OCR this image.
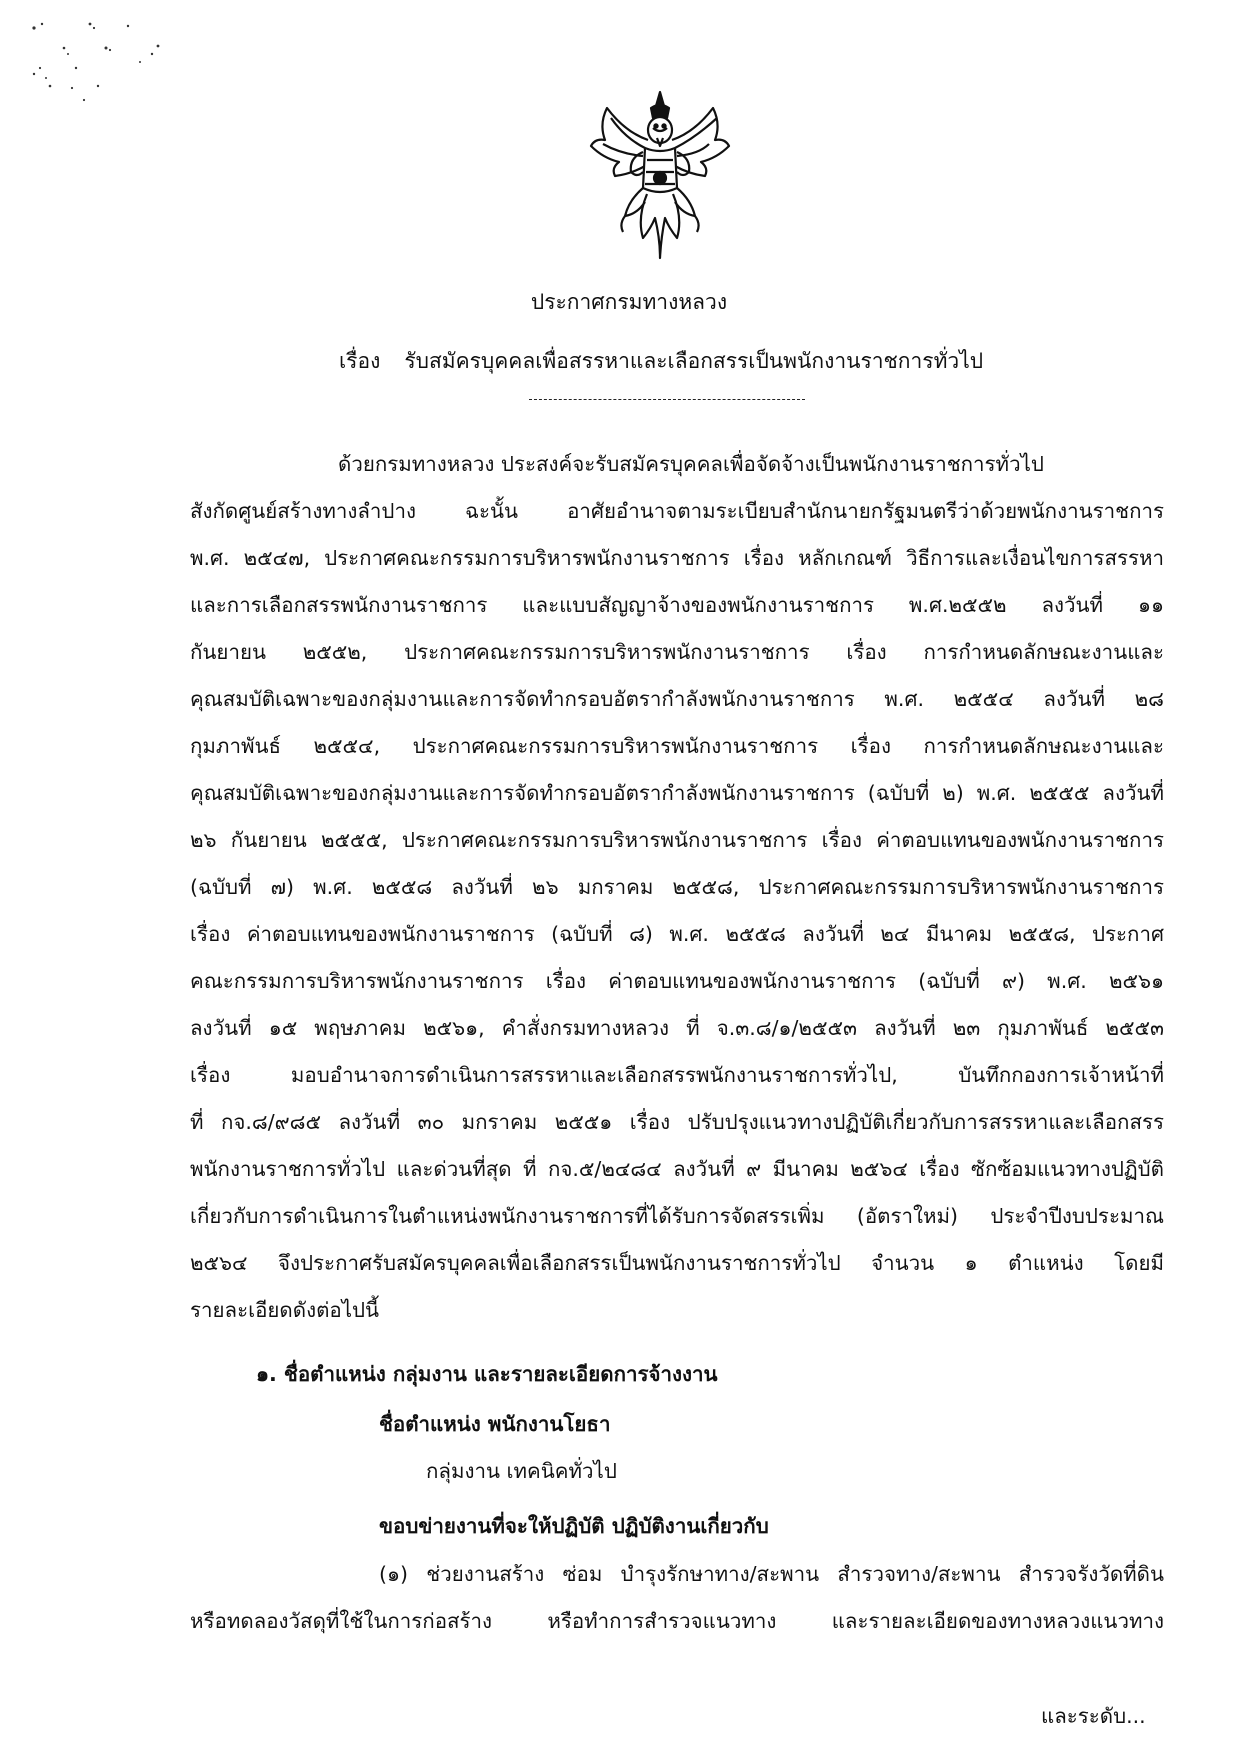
ประกาศกรมทางหลวง
เรื่อง รับสมัครบุคคลเพื่อสรรหาและเลือกสรรเป็นพนักงานราชการทั่วไป
ด้วยกรมทางหลวง ประสงค์จะรับสมัครบุคคลเพื่อจัดจ้างเป็นพนักงานราชการทั่วไป
สังกัดศูนย์สร้างทางลำปาง ฉะนั้น อาศัยอำนาจตามระเบียบสำนักนายกรัฐมนตรีว่าด้วยพนักงานราชการ
พ.ศ. ๒๕๔๗, ประกาศคณะกรรมการบริหารพนักงานราชการ เรื่อง หลักเกณฑ์ วิธีการและเงื่อนไขการสรรหา
และการเลือกสรรพนักงานราชการ และแบบสัญญาจ้างของพนักงานราชการ พ.ศ.๒๕๕๒ ลงวันที่ ๑๑
กันยายน ๒๕๕๒, ประกาศคณะกรรมการบริหารพนักงานราชการ เรื่อง การกำหนดลักษณะงานและ
คุณสมบัติเฉพาะของกลุ่มงานและการจัดทำกรอบอัตรากำลังพนักงานราชการ พ.ศ. ๒๕๕๔ ลงวันที่ ๒๘
กุมภาพันธ์ ๒๕๕๔, ประกาศคณะกรรมการบริหารพนักงานราชการ เรื่อง การกำหนดลักษณะงานและ
คุณสมบัติเฉพาะของกลุ่มงานและการจัดทำกรอบอัตรากำลังพนักงานราชการ (ฉบับที่ ๒) พ.ศ. ๒๕๕๕ ลงวันที่
๒๖ กันยายน ๒๕๕๕, ประกาศคณะกรรมการบริหารพนักงานราชการ เรื่อง ค่าตอบแทนของพนักงานราชการ
(ฉบับที่ ๗) พ.ศ. ๒๕๕๘ ลงวันที่ ๒๖ มกราคม ๒๕๕๘, ประกาศคณะกรรมการบริหารพนักงานราชการ
เรื่อง ค่าตอบแทนของพนักงานราชการ (ฉบับที่ ๘) พ.ศ. ๒๕๕๘ ลงวันที่ ๒๔ มีนาคม ๒๕๕๘, ประกาศ
คณะกรรมการบริหารพนักงานราชการ เรื่อง ค่าตอบแทนของพนักงานราชการ (ฉบับที่ ๙) พ.ศ. ๒๕๖๑
ลงวันที่ ๑๕ พฤษภาคม ๒๕๖๑, คำสั่งกรมทางหลวง ที่ จ.๓.๘/๑/๒๕๕๓ ลงวันที่ ๒๓ กุมภาพันธ์ ๒๕๕๓
เรื่อง มอบอำนาจการดำเนินการสรรหาและเลือกสรรพนักงานราชการทั่วไป, บันทึกกองการเจ้าหน้าที่
ที่ กจ.๘/๙๘๕ ลงวันที่ ๓๐ มกราคม ๒๕๕๑ เรื่อง ปรับปรุงแนวทางปฏิบัติเกี่ยวกับการสรรหาและเลือกสรร
พนักงานราชการทั่วไป และด่วนที่สุด ที่ กจ.๕/๒๔๘๔ ลงวันที่ ๙ มีนาคม ๒๕๖๔ เรื่อง ซักซ้อมแนวทางปฏิบัติ
เกี่ยวกับการดำเนินการในตำแหน่งพนักงานราชการที่ได้รับการจัดสรรเพิ่ม (อัตราใหม่) ประจำปีงบประมาณ
๒๕๖๔ จึงประกาศรับสมัครบุคคลเพื่อเลือกสรรเป็นพนักงานราชการทั่วไป จำนวน ๑ ตำแหน่ง โดยมี
รายละเอียดดังต่อไปนี้
๑. ชื่อตำแหน่ง กลุ่มงาน และรายละเอียดการจ้างงาน
ชื่อตำแหน่ง พนักงานโยธา
กลุ่มงาน เทคนิคทั่วไป
ขอบข่ายงานที่จะให้ปฏิบัติ ปฏิบัติงานเกี่ยวกับ
(๑) ช่วยงานสร้าง ซ่อม บำรุงรักษาทาง/สะพาน สำรวจทาง/สะพาน สำรวจรังวัดที่ดิน
หรือทดลองวัสดุที่ใช้ในการก่อสร้าง หรือทำการสำรวจแนวทาง และรายละเอียดของทางหลวงแนวทาง
และระดับ...
